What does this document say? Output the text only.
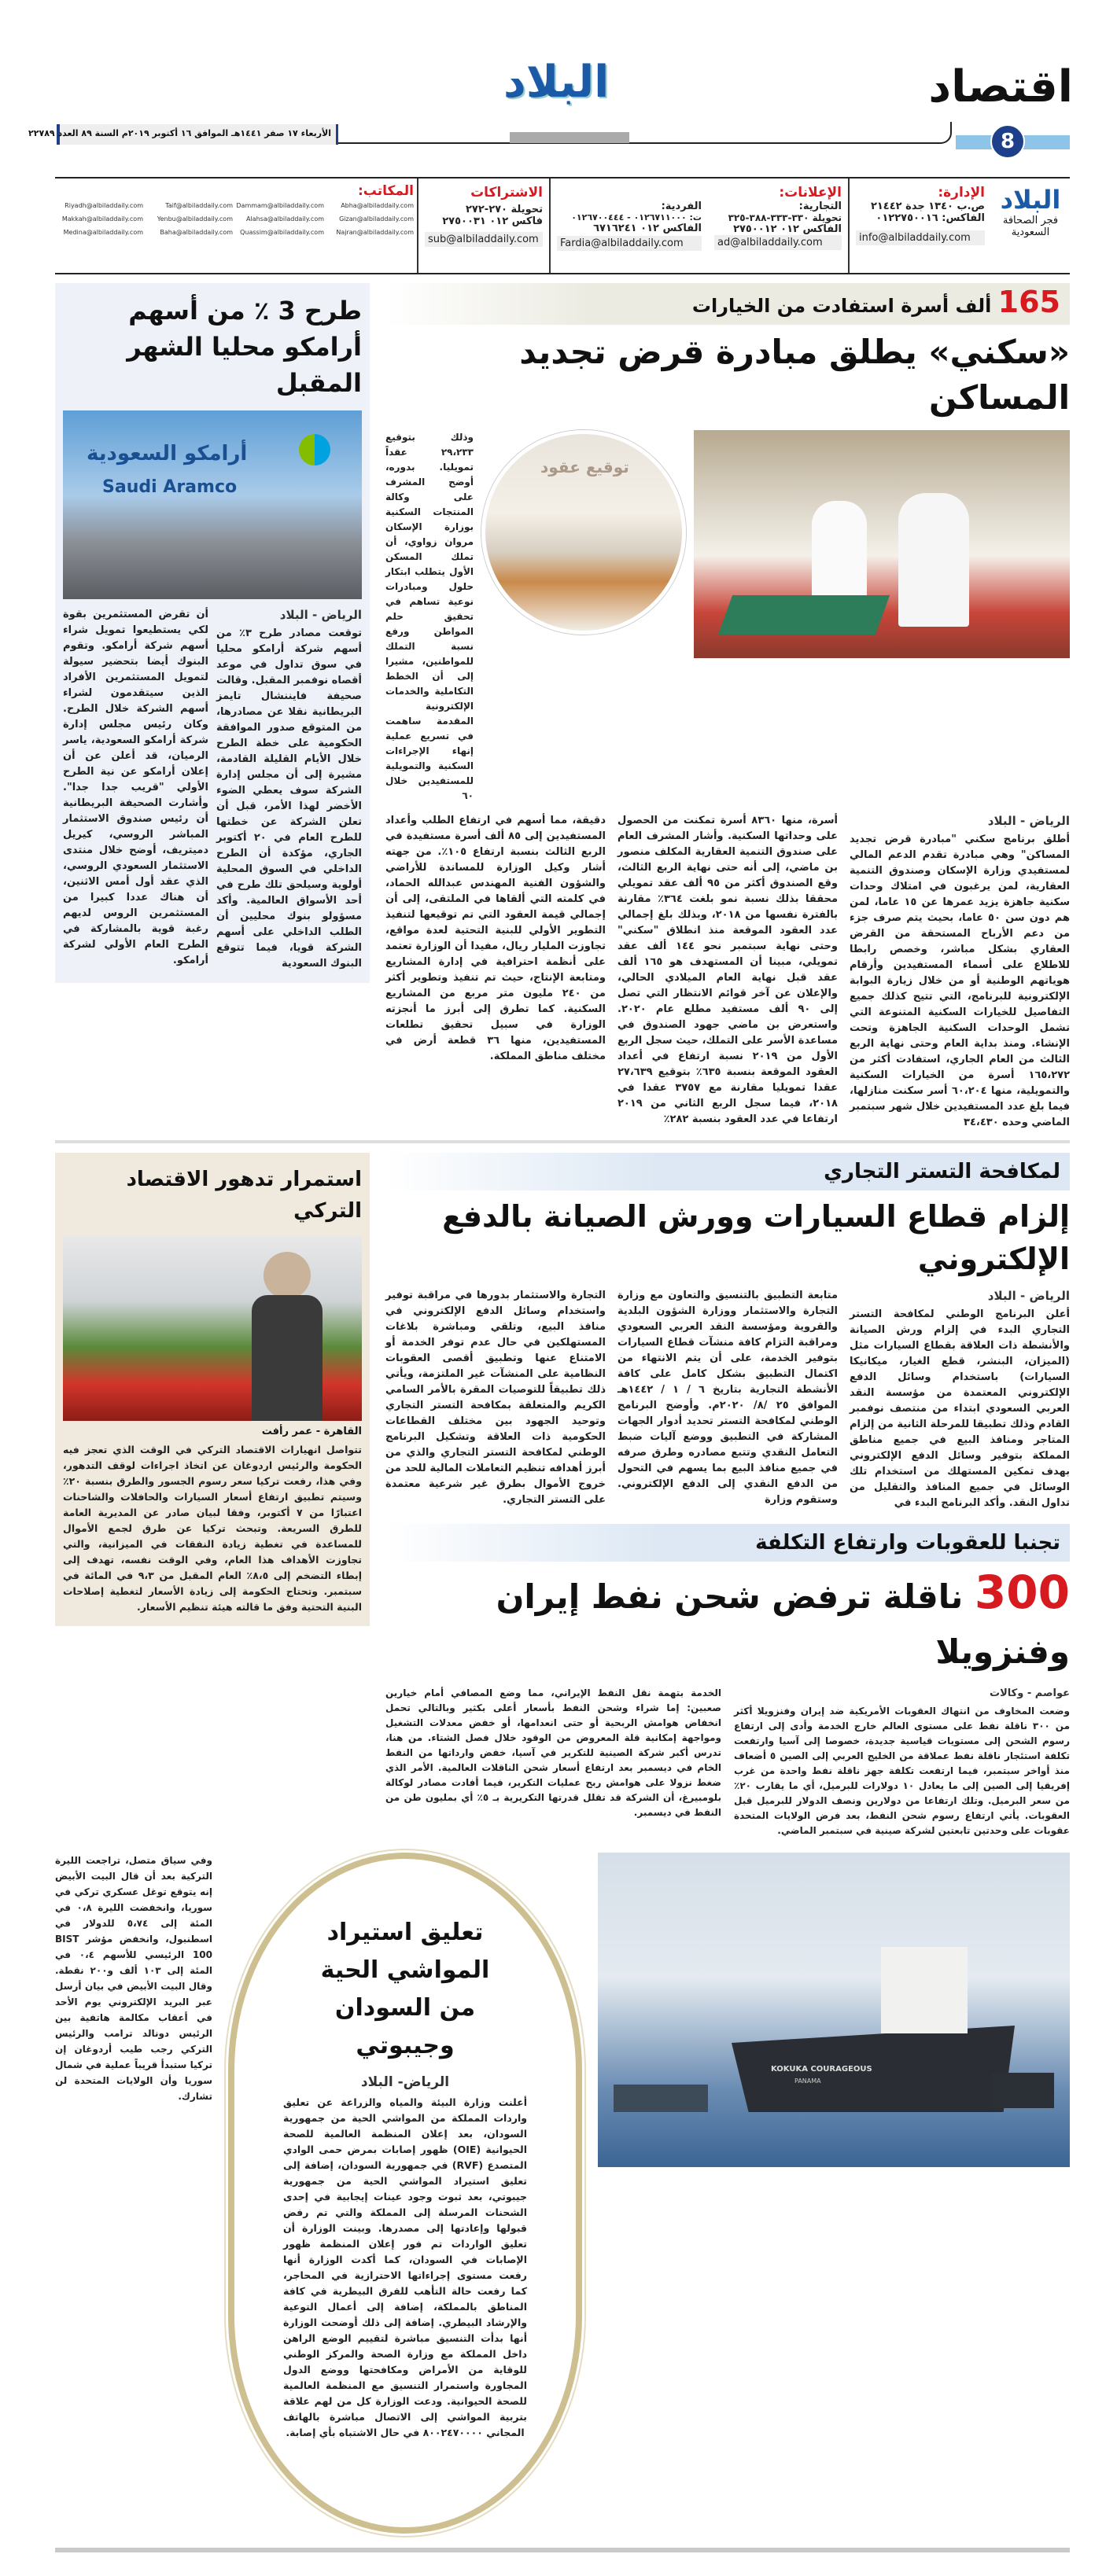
اقتصاد
8
البلاد
الأربعاء ١٧ صفر ١٤٤١هـ الموافق ١٦ أكتوبر ٢٠١٩م السنة ٨٩ العدد ٢٢٧٨٩
البلاد
فجر الصحافة السعودية
الإدارة:
ص.ب ١٣٤٠ جدة ٢١٤٤٢
الفاكس: ٠١٢٢٧٥٠٠١٦
info@albiladdaily.com
الإعلانات:
التجارية:
تحويلة ٣٣٠-٣٣٣-٣٨٨-٣٢٥
الفاكس ٠١٢ ٢٧٥٠٠١٢
ad@albiladdaily.com
الفردية:
ت: ٠١٢٦٧١١٠٠٠ - ٠١٢٦٧٠٠٤٤٤
الفاكس ٠١٢ ٦٧١٦٢٤١
Fardia@albiladdaily.com
الاشتراكات
تحويلة ٢٧٠-٢٧٢
فاكس ٠١٢ ٢٧٥٠٠٣١
sub@albiladdaily.com
المكاتب:
Riyadh@albiladdaily.com
Makkah@albiladdaily.com
Medina@albiladdaily.com
Taif@albiladdaily.com
Yenbu@albiladdaily.com
Baha@albiladdaily.com
Dammam@albiladdaily.com
Alahsa@albiladdaily.com
Quassim@albiladdaily.com
Abha@albiladdaily.com
Gizan@albiladdaily.com
Najran@albiladdaily.com
165 ألف أسرة استفادت من الخيارات
«سكني» يطلق مبادرة قرض تجديد المساكن
توقيع عقود
وذلك بتوقيع ٢٩،٢٣٣ عقداً تمويليا. بدوره، أوضح المشرف على وكالة المنتجات السكنية بوزارة الإسكان مروان زواوي، أن تملك المسكن الأول يتطلب ابتكار حلول ومبادرات نوعية تساهم في تحقيق حلم المواطن ورفع نسبة التملك للمواطنين، مشيرا إلى أن الخطط التكاملية والخدمات الإلكترونية المقدمة ساهمت في تسريع عملية إنهاء الإجراءات السكنية والتمويلية للمستفيدين خلال ٦٠
الرياض - البلاد
أطلق برنامج سكني "مبادرة قرض تجديد المساكن" وهي مبادرة تقدم الدعم المالي لمستفيدي وزارة الإسكان وصندوق التنمية العقارية، لمن يرغبون في امتلاك وحدات سكنية جاهزة يزيد عمرها عن ١٥ عاما، لمن هم دون سن ٥٠ عاما، بحيث يتم صرف جزء من دعم الأرباح المستحقة من القرض العقاري بشكل مباشر، وخصص رابطا للاطلاع على أسماء المستفيدين وأرقام هوياتهم الوطنية أو من خلال زيارة البوابة الإلكترونية للبرنامج، التي تتيح كذلك جميع التفاصيل للخيارات السكنية المتنوعة التي تشمل الوحدات السكنية الجاهزة وتحت الإنشاء. ومنذ بداية العام وحتى نهاية الربع الثالث من العام الجاري، استفادت أكثر من ١٦٥،٢٧٢ أسرة من الخيارات السكنية والتمويلية، منها ٦٠،٢٠٤ أسر سكنت منازلها، فيما بلغ عدد المستفيدين خلال شهر سبتمبر الماضي وحده ٣٤،٤٣٠
أسرة، منها ٨٣٦٠ أسرة تمكنت من الحصول على وحداتها السكنية. وأشار المشرف العام على صندوق التنمية العقارية المكلف منصور بن ماضي، إلى أنه حتى نهاية الربع الثالث، وقع الصندوق أكثر من ٩٥ ألف عقد تمويلي محققا بذلك نسبة نمو بلغت ٣٦٤٪ مقارنة بالفترة نفسها من ٢٠١٨، وبذلك بلغ إجمالي عدد العقود الموقعة منذ انطلاق "سكني" وحتى نهاية سبتمبر نحو ١٤٤ ألف عقد تمويلي، مبينا أن المستهدف هو ١٦٥ ألف عقد قبل نهاية العام الميلادي الحالي، والإعلان عن آخر قوائم الانتظار التي تصل إلى ٩٠ ألف مستفيد مطلع عام ٢٠٢٠. واستعرض بن ماضي جهود الصندوق في مساعدة الأسر على التملك، حيث سجل الربع الأول من ٢٠١٩ نسبة ارتفاع في أعداد العقود الموقعة بنسبة ٦٣٥٪ بتوقيع ٢٧،٦٣٩ عقدا تمويليا مقارنة مع ٣٧٥٧ عقدا في ٢٠١٨، فيما سجل الربع الثاني من ٢٠١٩ ارتفاعا في عدد العقود بنسبة ٢٨٢٪
دقيقة، مما أسهم في ارتفاع الطلب وأعداد المستفيدين إلى ٨٥ ألف أسرة مستفيدة في الربع الثالث بنسبة ارتفاع ١٠٥٪. من جهته أشار وكيل الوزارة للمساندة للأراضي والشؤون الفنية المهندس عبدالله الحماد، في كلمته التي ألقاها في الملتقى، إلى أن إجمالي قيمة العقود التي تم توقيعها لتنفيذ التطوير الأولي للبنية التحتية لعدة مواقع، تجاوزت المليار ريال، مفيدا أن الوزارة تعتمد على أنظمة احترافية في إدارة المشاريع ومتابعة الإنتاج، حيث تم تنفيذ وتطوير أكثر من ٢٤٠ مليون متر مربع من المشاريع السكنية. كما تطرق إلى أبرز ما أنجزته الوزارة في سبيل تحقيق تطلعات المستفيدين، منها ٣٦ قطعة أرض في مختلف مناطق المملكة.
طرح 3 ٪ من أسهم أرامكو محليا الشهر المقبل
أرامكو السعودية
Saudi Aramco
الرياض - البلاد
توقعت مصادر طرح ٣٪ من أسهم شركة أرامكو محليا في سوق تداول في موعد أقصاه نوفمبر المقبل. وقالت صحيفة فايننشال تايمز البريطانية نقلا عن مصادرها، من المتوقع صدور الموافقة الحكومية على خطة الطرح خلال الأيام القليلة القادمة، مشيرة إلى أن مجلس إدارة الشركة سوف يعطي الضوء الأخضر لهذا الأمر، قبل أن تعلن الشركة عن خطتها للطرح العام في ٢٠ أكتوبر الجاري، مؤكدة أن الطرح الداخلي في السوق المحلية أولوية وسيلحق تلك طرح في أحد الأسواق العالمية. وأكد مسؤولو بنوك محليين أن الطلب الداخلي على أسهم الشركة قويا، فيما تتوقع البنوك السعودية
أن تقرض المستثمرين بقوة لكي يستطيعوا تمويل شراء أسهم شركة أرامكو. وتقوم البنوك أيضا بتحضير سيولة لتمويل المستثمرين الأفراد الذين سيتقدمون لشراء أسهم الشركة خلال الطرح. وكان رئيس مجلس إدارة شركة أرامكو السعودية، ياسر الرميان، قد أعلن عن أن إعلان أرامكو عن نية الطرح الأولي "قريب جدا جدا". وأشارت الصحيفة البريطانية أن رئيس صندوق الاستثمار المباشر الروسي، كيريل دميتريف، أوضح خلال منتدى الاستثمار السعودي الروسي، الذي عقد أول أمس الاثنين، أن هناك عددا كبيرا من المستثمرين الروس لديهم رغبة قوية بالمشاركة في الطرح العام الأولي لشركة أرامكو.
لمكافحة التستر التجاري
إلزام قطاع السيارات وورش الصيانة بالدفع الإلكتروني
الرياض - البلاد
أعلن البرنامج الوطني لمكافحة التستر التجاري البدء في إلزام ورش الصيانة والأنشطة ذات العلاقة بقطاع السيارات مثل (الميزان، البنشر، قطع الغيار، ميكانيكا السيارات) باستخدام وسائل الدفع الإلكتروني المعتمدة من مؤسسة النقد العربي السعودي ابتداء من منتصف نوفمبر القادم وذلك تطبيقا للمرحلة الثانية من إلزام المتاجر ومنافذ البيع في جميع مناطق المملكة بتوفير وسائل الدفع الإلكتروني بهدف تمكين المستهلك من استخدام تلك الوسائل في جميع المنافذ والتقليل من تداول النقد. وأكد البرنامج البدء في
متابعة التطبيق بالتنسيق والتعاون مع وزارة التجارة والاستثمار ووزارة الشؤون البلدية والقروية ومؤسسة النقد العربي السعودي ومراقبة التزام كافة منشآت قطاع السيارات بتوفير الخدمة، على أن يتم الانتهاء من اكتمال التطبيق بشكل كامل على كافة الأنشطة التجارية بتاريخ ٦ / ١ / ١٤٤٢هـ الموافق ٢٥ /٨/ ٢٠٢٠م. وأوضح البرنامج الوطني لمكافحة التستر تحديد أدوار الجهات المشاركة في التطبيق ووضع آليات ضبط التعامل النقدي وتتبع مصادره وطرق صرفه في جميع منافذ البيع بما يسهم في التحول من الدفع النقدي إلى الدفع الإلكتروني. وستقوم وزارة
التجارة والاستثمار بدورها في مراقبة توفير واستخدام وسائل الدفع الإلكتروني في منافذ البيع، وتلقي ومباشرة بلاغات المستهلكين في حال عدم توفر الخدمة أو الامتناع عنها وتطبيق أقصى العقوبات النظامية على المنشآت غير الملتزمة، ويأتي ذلك تطبيقاً للتوصيات المقرة بالأمر السامي الكريم والمتعلقة بمكافحة التستر التجاري وتوحيد الجهود بين مختلف القطاعات الحكومية ذات العلاقة وتشكيل البرنامج الوطني لمكافحة التستر التجاري والذي من أبرز أهدافه تنظيم التعاملات المالية للحد من خروج الأموال بطرق غير شرعية معتمدة على التستر التجاري.
تجنبا للعقوبات وارتفاع التكلفة
300 ناقلة ترفض شحن نفط إيران وفنزويلا
عواصم - وكالات
وضعت المخاوف من انتهاك العقوبات الأمريكية ضد إيران وفنزويلا أكثر من ٣٠٠ ناقلة نفط على مستوى العالم خارج الخدمة وأدى إلى ارتفاع رسوم الشحن إلى مستويات قياسية جديدة، خصوصا إلى آسيا وارتفعت تكلفة استئجار ناقلة نفط عملاقة من الخليج العربي إلى الصين ٥ أضعاف منذ أواخر سبتمبر، فيما ارتفعت تكلفة جهز ناقلة نفط واحدة من غرب إفريقيا إلى الصين إلى ما يعادل ١٠ دولارات للبرميل، أي ما يقارب ٢٠٪ من سعر البرميل. وتلك ارتفاعا من دولارين ونصف الدولار للبرميل قبل العقوبات. يأتي ارتفاع رسوم شحن النفط، بعد فرض الولايات المتحدة عقوبات على وحدتين تابعتين لشركة صينية في سبتمبر الماضي.
الخدمة بتهمة نقل النفط الإيراني، مما وضع المصافي أمام خيارين صعبين: إما شراء وشحن النفط بأسعار أعلى بكثير وبالتالي تحمل انخفاض هوامش الربحية أو حتى انعدامها، أو خفض معدلات التشغيل ومواجهة إمكانية قلة المعروض من الوقود خلال فصل الشتاء. من هنا، تدرس أكبر شركة الصينية للتكرير في آسيا، خفض وارداتها من النفط الخام في ديسمبر بعد ارتفاع أسعار شحن الناقلات العالمية. الأمر الذي ضغط نزولا على هوامش ربح عمليات التكرير، فيما أفادت مصادر لوكالة بلومبيرغ، أن الشركة قد تقلل قدرتها التكريرية بـ ٥٪ أي بمليون طن من النفط في ديسمبر.
استمرار تدهور الاقتصاد التركي
القاهرة - عمر رأفت
تتواصل انهيارات الاقتصاد التركي في الوقت الذي تعجز فيه الحكومة والرئيس اردوغان عن اتخاذ اجراءات لوقف التدهور، وفي هذا، رفعت تركيا سعر رسوم الجسور والطرق بنسبة ٢٠٪ وسيتم تطبيق ارتفاع أسعار السيارات والحافلات والشاحنات اعتبارًا من ٧ أكتوبر، وفقا لبيان صادر عن المديرية العامة للطرق السريعة. وتبحث تركيا عن طرق لجمع الأموال للمساعدة في تغطية زيادة النفقات في الميزانية، والتي تجاوزت الأهداف هذا العام، وفي الوقت نفسه، تهدف إلى إبطاء التضخم إلى ٨،٥٪ العام المقبل من ٩،٣ في المائة في سبتمبر. وتحتاج الحكومة إلى زيادة الأسعار لتغطية إصلاحات البنية التحتية وفق ما قالته هيئة تنظيم الأسعار.
KOKUKA COURAGEOUS
PANAMA
تعليق استيراد المواشي الحية من السودان وجيبوتي
الرياض- البلاد
أعلنت وزارة البيئة والمياه والزراعة عن تعليق واردات المملكة من المواشي الحية من جمهورية السودان، بعد إعلان المنظمة العالمية للصحة الحيوانية (OIE) ظهور إصابات بمرض حمى الوادي المتصدع (RVF) في جمهورية السودان، إضافة إلى تعليق استيراد المواشي الحية من جمهورية جيبوتي، بعد ثبوت وجود عينات إيجابية في إحدى الشحنات المرسلة إلى المملكة والتي تم رفض قبولها وإعادتها إلى مصدرها. وبينت الوزارة أن تعليق الواردات تم فور إعلان المنظمة ظهور الإصابات في السودان، كما أكدت الوزارة أنها رفعت مستوى إجراءاتها الاحترازية في المحاجر، كما رفعت حالة التأهب للفرق البيطرية في كافة المناطق بالمملكة، إضافة إلى أعمال التوعية والإرشاد البيطري. إضافة إلى ذلك أوضحت الوزارة أنها بدأت التنسيق مباشرة لتقييم الوضع الراهن داخل المملكة مع وزارة الصحة والمركز الوطني للوقاية من الأمراض ومكافحتها ووضع الدول المجاورة واستمرار التنسيق مع المنظمة العالمية للصحة الحيوانية. ودعت الوزارة كل من لهم علاقة بتربية المواشي إلى الاتصال مباشرة بالهاتف المجاني ٨٠٠٢٤٧٠٠٠٠ في حال الاشتباه بأي إصابة.
وفي سياق متصل، تراجعت الليرة التركية بعد أن قال البيت الأبيض إنه يتوقع توغل عسكري تركي في سوريا، وانخفضت الليرة ٠،٨ في المئة إلى ٥،٧٤ للدولار في اسطنبول، وانخفض مؤشر BIST 100 الرئيسي للأسهم ٠،٤ في المئة إلى ١٠٣ ألف و٢٠٠ نقطة. وقال البيت الأبيض في بيان أرسل عبر البريد الإلكتروني يوم الأحد في أعقاب مكالمة هاتفية بين الرئيس دونالد ترامب والرئيس التركي رجب طيب أردوغان إن تركيا ستبدأ قريباً عملية في شمال سوريا وأن الولايات المتحدة لن تشارك.
